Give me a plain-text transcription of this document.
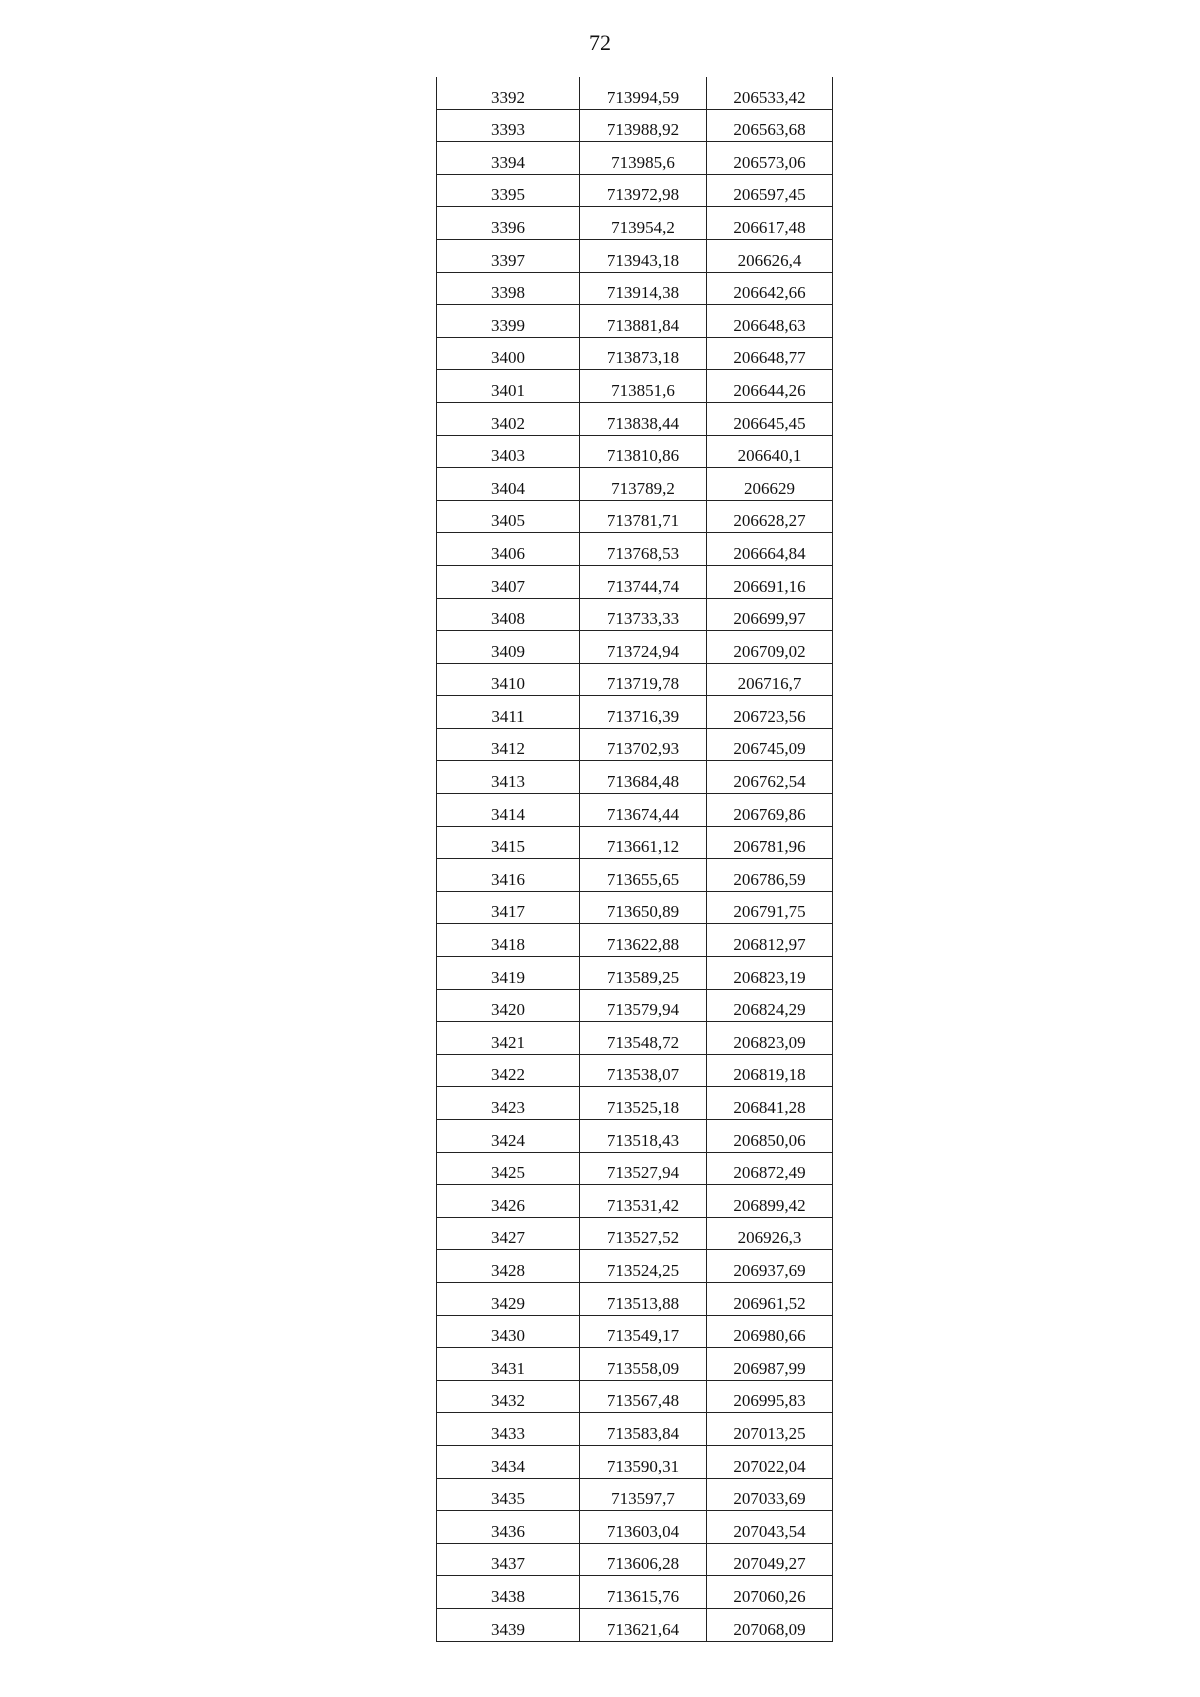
72
3392	713994,59	206533,42
3393	713988,92	206563,68
3394	713985,6	206573,06
3395	713972,98	206597,45
3396	713954,2	206617,48
3397	713943,18	206626,4
3398	713914,38	206642,66
3399	713881,84	206648,63
3400	713873,18	206648,77
3401	713851,6	206644,26
3402	713838,44	206645,45
3403	713810,86	206640,1
3404	713789,2	206629
3405	713781,71	206628,27
3406	713768,53	206664,84
3407	713744,74	206691,16
3408	713733,33	206699,97
3409	713724,94	206709,02
3410	713719,78	206716,7
3411	713716,39	206723,56
3412	713702,93	206745,09
3413	713684,48	206762,54
3414	713674,44	206769,86
3415	713661,12	206781,96
3416	713655,65	206786,59
3417	713650,89	206791,75
3418	713622,88	206812,97
3419	713589,25	206823,19
3420	713579,94	206824,29
3421	713548,72	206823,09
3422	713538,07	206819,18
3423	713525,18	206841,28
3424	713518,43	206850,06
3425	713527,94	206872,49
3426	713531,42	206899,42
3427	713527,52	206926,3
3428	713524,25	206937,69
3429	713513,88	206961,52
3430	713549,17	206980,66
3431	713558,09	206987,99
3432	713567,48	206995,83
3433	713583,84	207013,25
3434	713590,31	207022,04
3435	713597,7	207033,69
3436	713603,04	207043,54
3437	713606,28	207049,27
3438	713615,76	207060,26
3439	713621,64	207068,09
